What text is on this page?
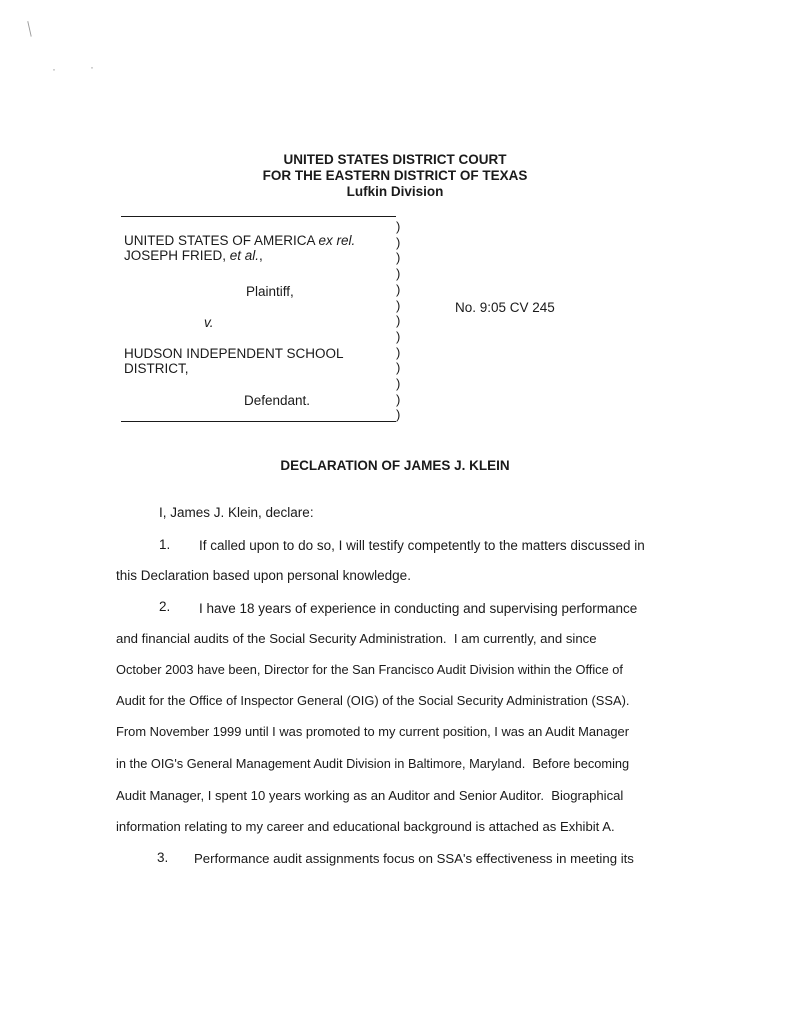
╱
·	·
UNITED STATES DISTRICT COURT
FOR THE EASTERN DISTRICT OF TEXAS
Lufkin Division
)
)
)
)
)
)
)
)
)
)
)
)
)
UNITED STATES OF AMERICA ex rel.
JOSEPH FRIED, et al.,
Plaintiff,
v.
HUDSON INDEPENDENT SCHOOL
DISTRICT,
Defendant.
No. 9:05 CV 245
DECLARATION OF JAMES J. KLEIN
I, James J. Klein, declare:
1. If called upon to do so, I will testify competently to the matters discussed in
this Declaration based upon personal knowledge.
2. I have 18 years of experience in conducting and supervising performance
and financial audits of the Social Security Administration.  I am currently, and since
October 2003 have been, Director for the San Francisco Audit Division within the Office of
Audit for the Office of Inspector General (OIG) of the Social Security Administration (SSA).
From November 1999 until I was promoted to my current position, I was an Audit Manager
in the OIG's General Management Audit Division in Baltimore, Maryland.  Before becoming
Audit Manager, I spent 10 years working as an Auditor and Senior Auditor.  Biographical
information relating to my career and educational background is attached as Exhibit A.
3. Performance audit assignments focus on SSA's effectiveness in meeting its
